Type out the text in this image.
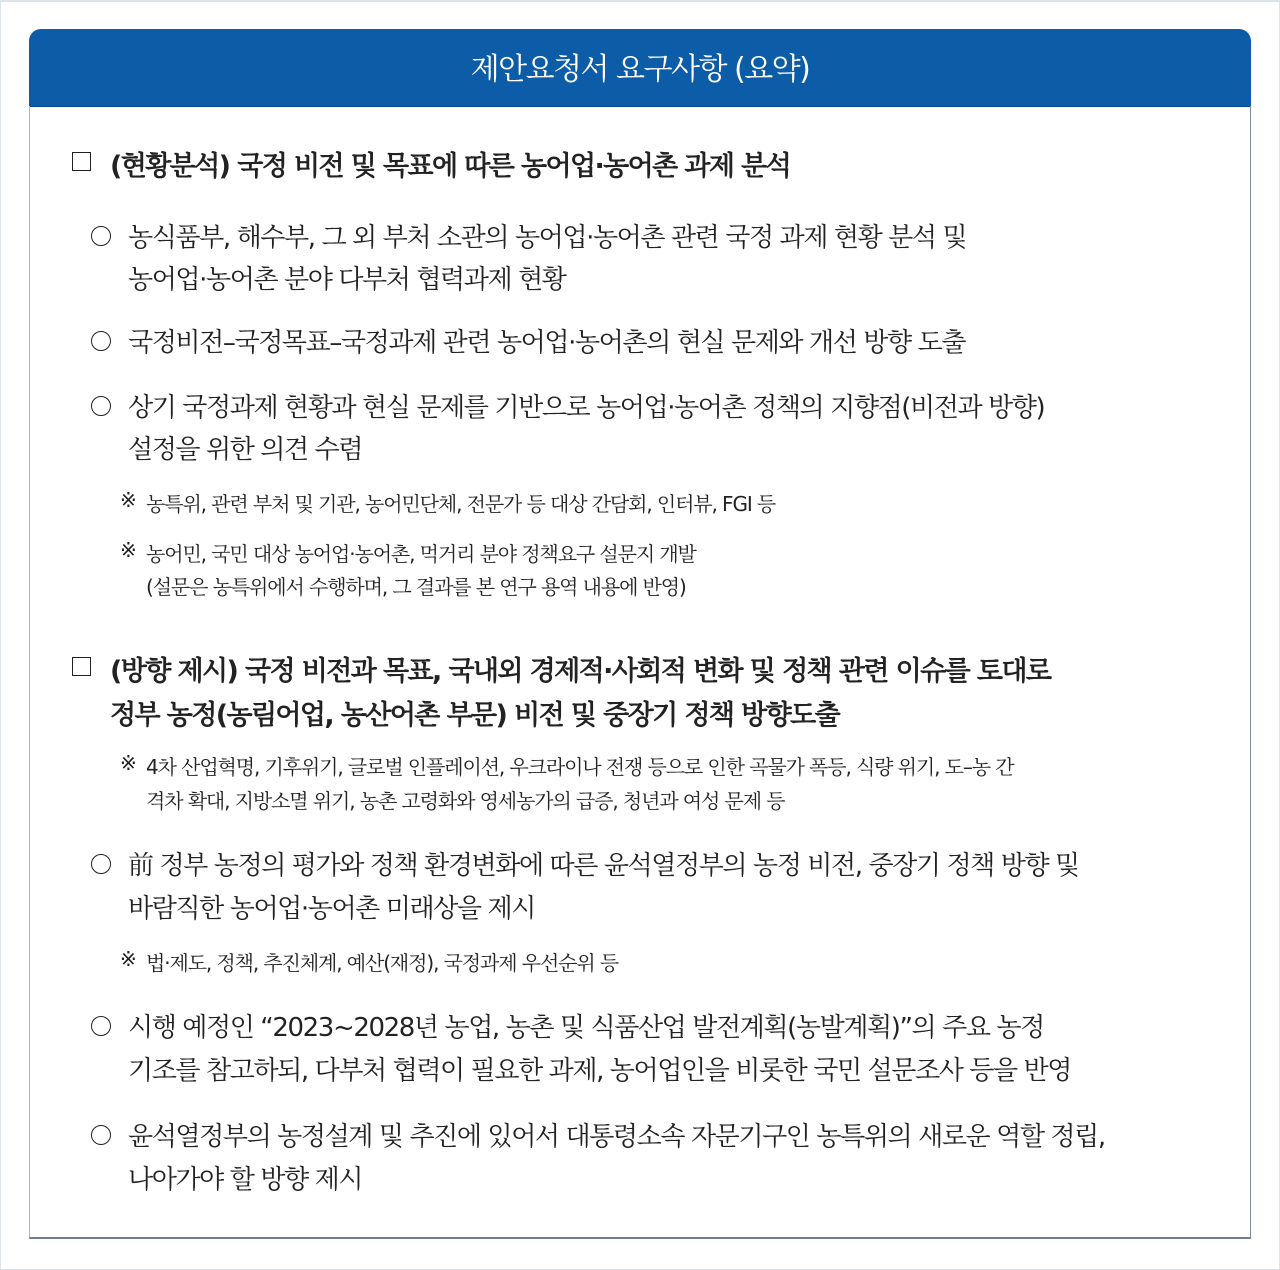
제안요청서 요구사항 (요약)
(현황분석) 국정 비전 및 목표에 따른 농어업·농어촌 과제 분석
농식품부, 해수부, 그 외 부처 소관의 농어업·농어촌 관련 국정 과제 현황 분석 및
농어업·농어촌 분야 다부처 협력과제 현황
국정비전–국정목표–국정과제 관련 농어업·농어촌의 현실 문제와 개선 방향 도출
상기 국정과제 현황과 현실 문제를 기반으로 농어업·농어촌 정책의 지향점(비전과 방향)
설정을 위한 의견 수렴
※ 농특위, 관련 부처 및 기관, 농어민단체, 전문가 등 대상 간담회, 인터뷰, FGI 등
※ 농어민, 국민 대상 농어업·농어촌, 먹거리 분야 정책요구 설문지 개발
(설문은 농특위에서 수행하며, 그 결과를 본 연구 용역 내용에 반영)
(방향 제시) 국정 비전과 목표, 국내외 경제적·사회적 변화 및 정책 관련 이슈를 토대로
정부 농정(농림어업, 농산어촌 부문) 비전 및 중장기 정책 방향도출
※ 4차 산업혁명, 기후위기, 글로벌 인플레이션, 우크라이나 전쟁 등으로 인한 곡물가 폭등, 식량 위기, 도–농 간
격차 확대, 지방소멸 위기, 농촌 고령화와 영세농가의 급증, 청년과 여성 문제 등
前 정부 농정의 평가와 정책 환경변화에 따른 윤석열정부의 농정 비전, 중장기 정책 방향 및
바람직한 농어업·농어촌 미래상을 제시
※ 법·제도, 정책, 추진체계, 예산(재정), 국정과제 우선순위 등
시행 예정인 “2023~2028년 농업, 농촌 및 식품산업 발전계획(농발계획)”의 주요 농정
기조를 참고하되, 다부처 협력이 필요한 과제, 농어업인을 비롯한 국민 설문조사 등을 반영
윤석열정부의 농정설계 및 추진에 있어서 대통령소속 자문기구인 농특위의 새로운 역할 정립,
나아가야 할 방향 제시
